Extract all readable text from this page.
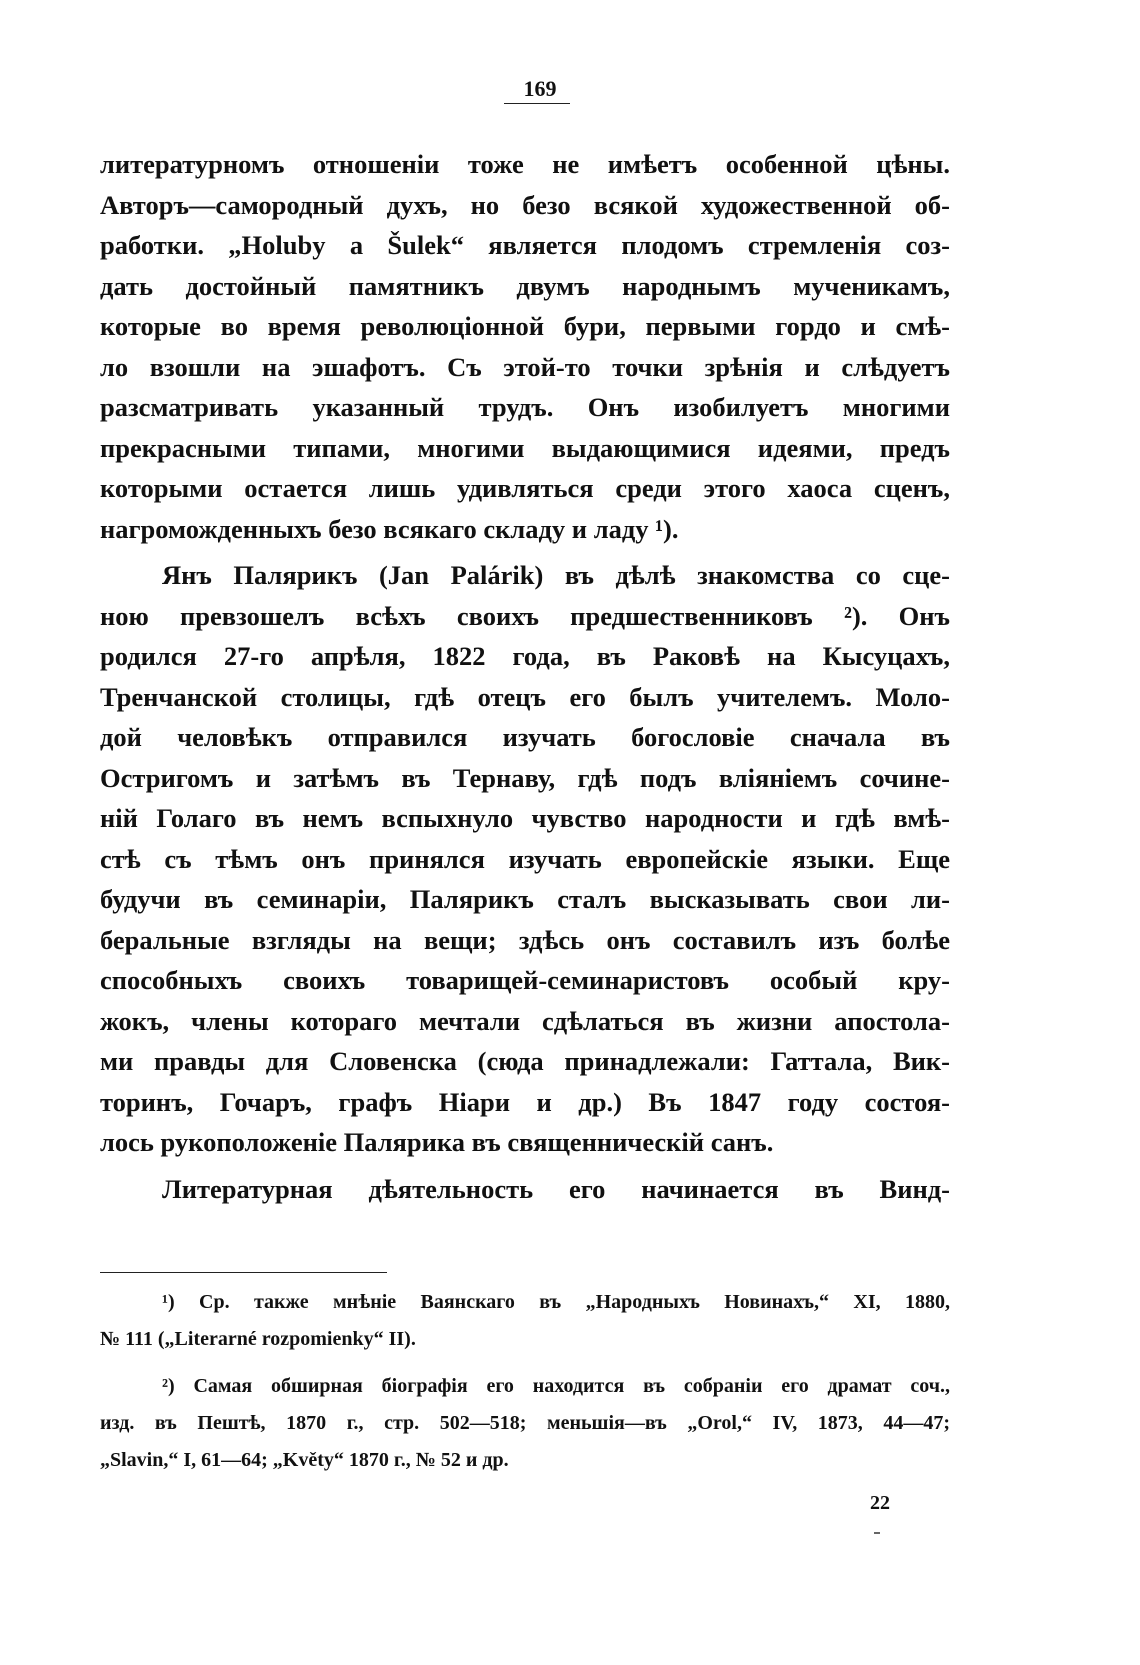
169
литературномъ отношеніи тоже не имѣетъ особенной цѣны.
Авторъ—самородный духъ, но безо всякой художественной об-
работки. „Holuby a Šulek“ является плодомъ стремленія соз-
дать достойный памятникъ двумъ народнымъ мученикамъ,
которые во время революціонной бури, первыми гордо и смѣ-
ло взошли на эшафотъ. Съ этой-то точки зрѣнія и слѣдуетъ
разсматривать указанный трудъ. Онъ изобилуетъ многими
прекрасными типами, многими выдающимися идеями, предъ
которыми остается лишь удивляться среди этого хаоса сценъ,
нагроможденныхъ безо всякаго складу и ладу ¹).
Янъ Палярикъ (Jan Palárik) въ дѣлѣ знакомства со сце-
ною превзошелъ всѣхъ своихъ предшественниковъ ²). Онъ
родился 27-го апрѣля, 1822 года, въ Раковѣ на Кысуцахъ,
Тренчанской столицы, гдѣ отецъ его былъ учителемъ. Моло-
дой человѣкъ отправился изучать богословіе сначала въ
Остригомъ и затѣмъ въ Тернаву, гдѣ подъ вліяніемъ сочине-
ній Голаго въ немъ вспыхнуло чувство народности и гдѣ вмѣ-
стѣ съ тѣмъ онъ принялся изучать европейскіе языки. Еще
будучи въ семинаріи, Палярикъ сталъ высказывать свои ли-
беральные взгляды на вещи; здѣсь онъ составилъ изъ болѣе
способныхъ своихъ товарищей-семинаристовъ особый кру-
жокъ, члены котораго мечтали сдѣлаться въ жизни апостола-
ми правды для Словенска (сюда принадлежали: Гаттала, Вик-
торинъ, Гочаръ, графъ Ніари и др.) Въ 1847 году состоя-
лось рукоположеніе Палярика въ священническій санъ.
Литературная дѣятельность его начинается въ Винд-
¹) Ср. также мнѣніе Ваянскаго въ „Народныхъ Новинахъ,“ XI, 1880,
№ 111 („Literarné rozpomienky“ II).
²) Самая обширная біографія его находится въ собраніи его драмат соч.,
изд. въ Пештѣ, 1870 г., стр. 502—518; меньшія—въ „Orol,“ IV, 1873, 44—47;
„Slavin,“ I, 61—64; „Květy“ 1870 г., № 52 и др.
22
